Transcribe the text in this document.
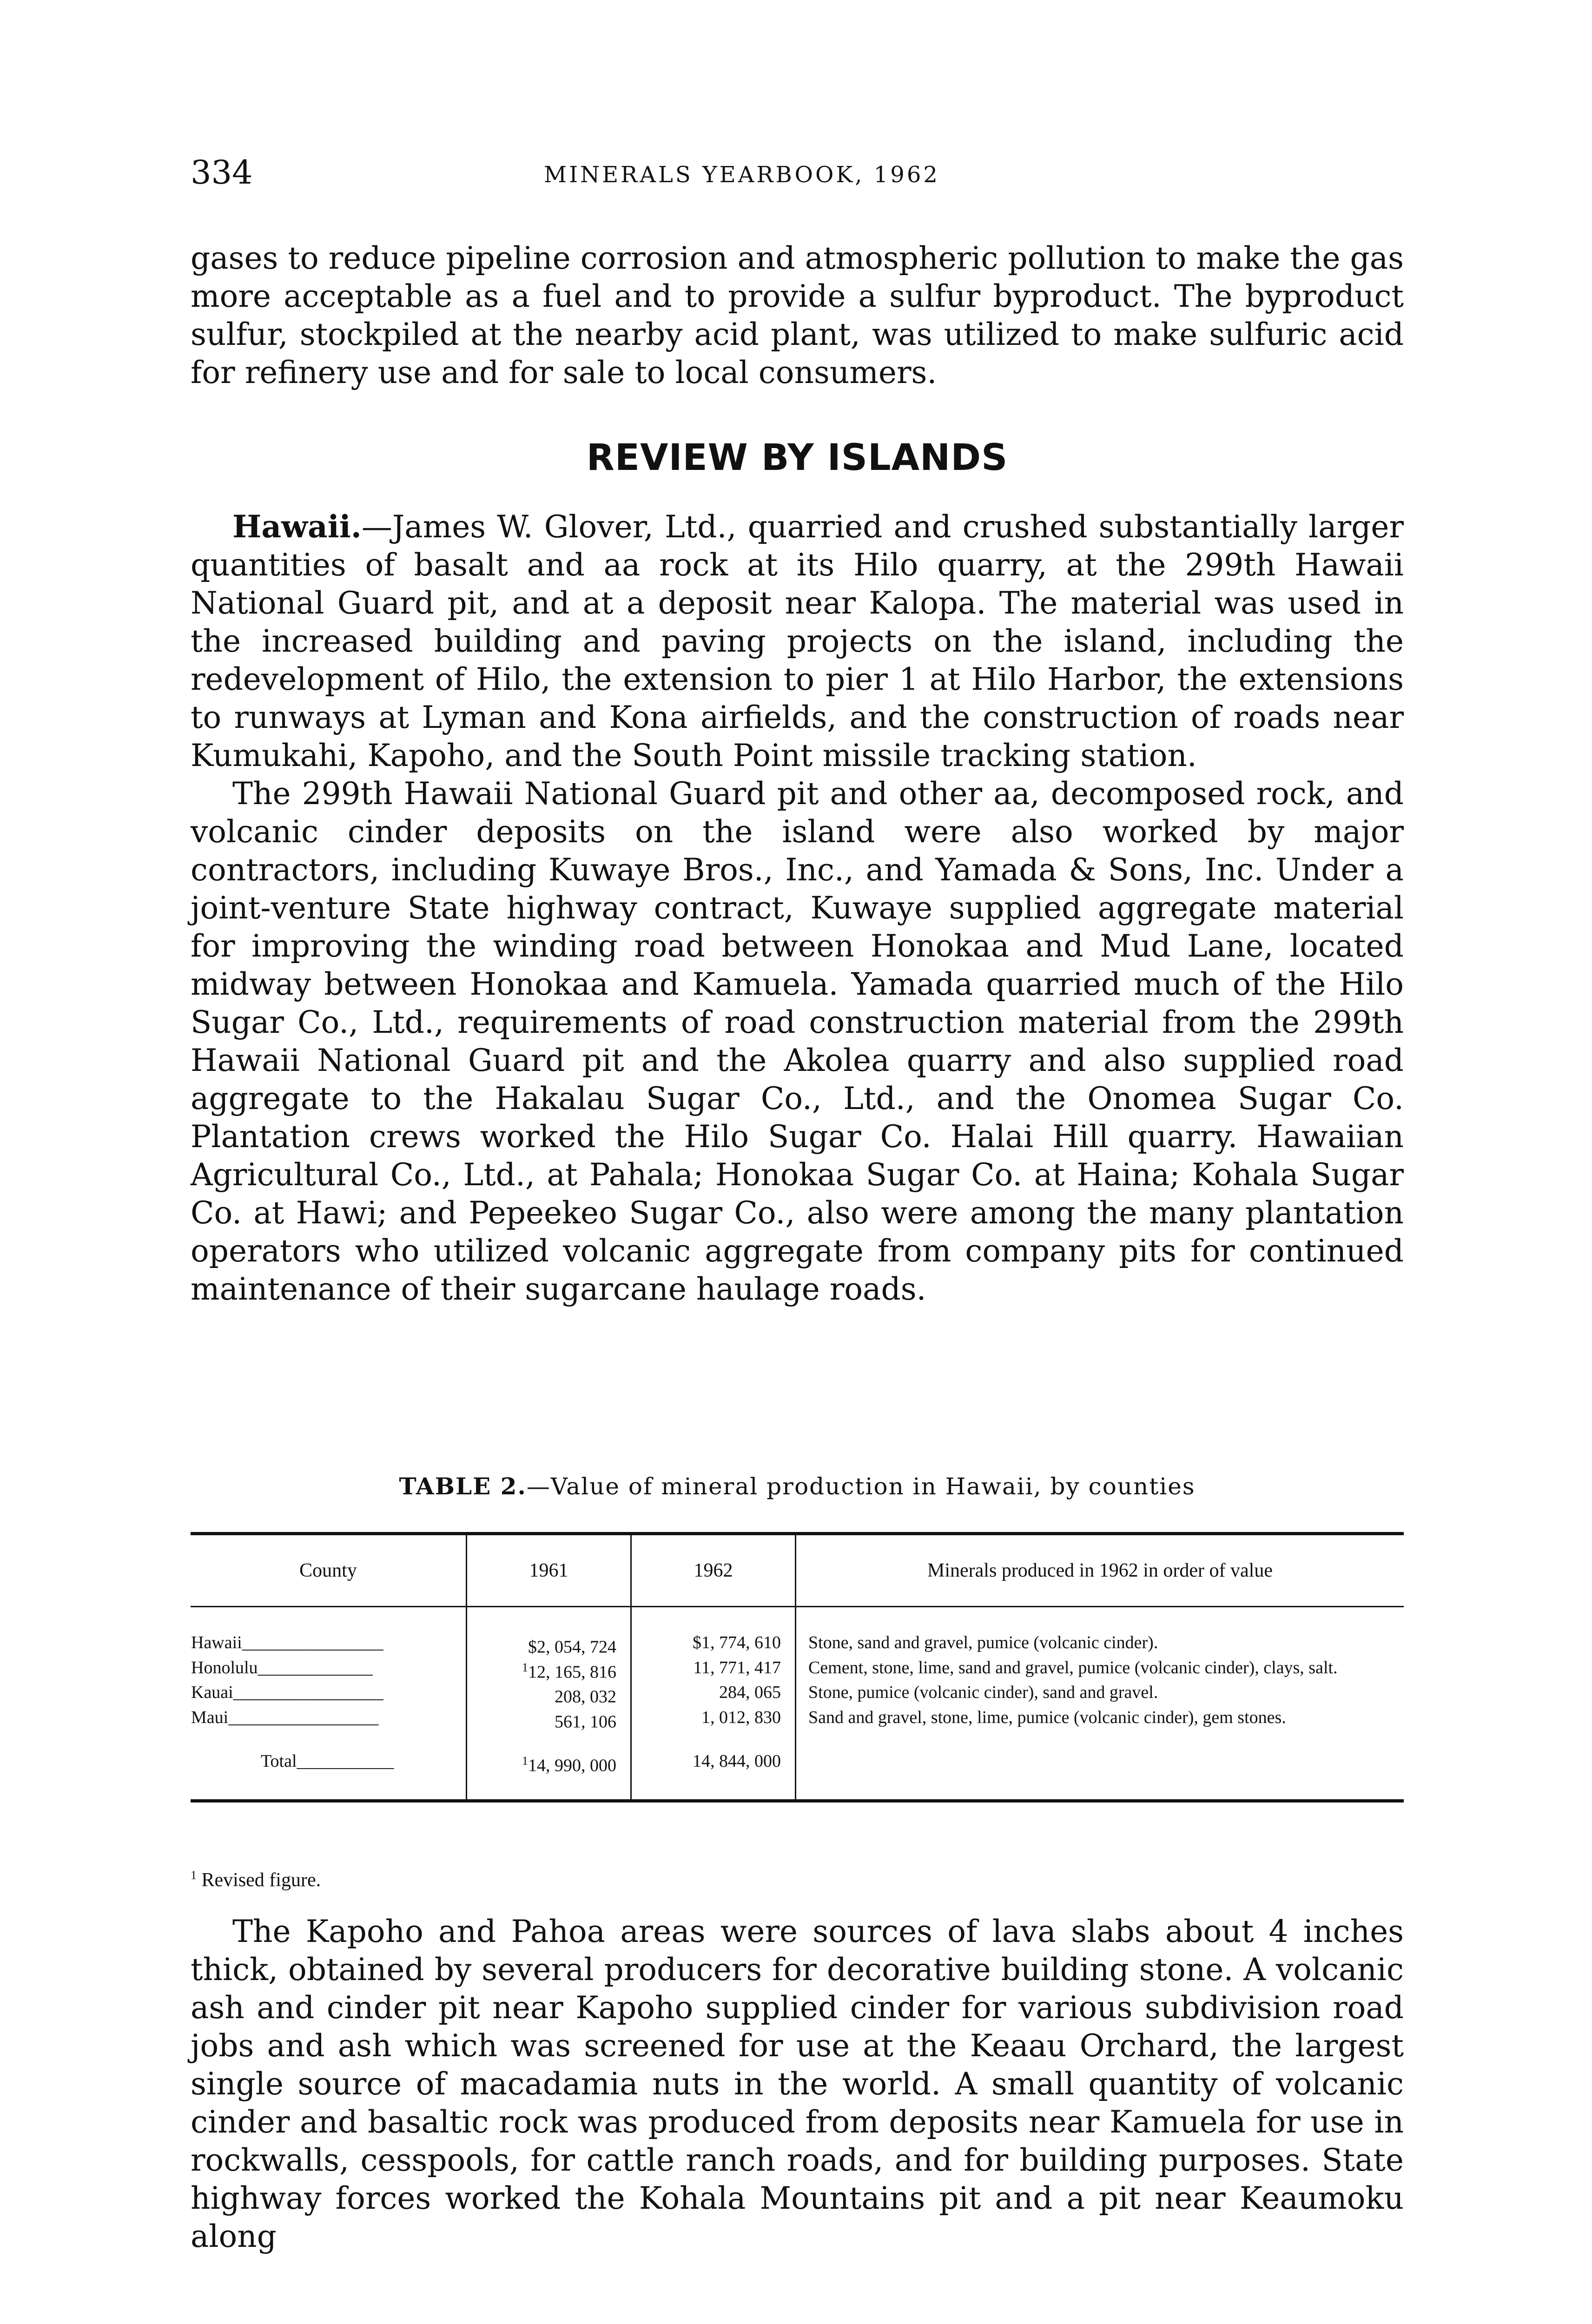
334	MINERALS YEARBOOK, 1962

gases to reduce pipeline corrosion and atmospheric pollution to make the gas more acceptable as a fuel and to provide a sulfur byproduct. The byproduct sulfur, stockpiled at the nearby acid plant, was utilized to make sulfuric acid for refinery use and for sale to local consumers.

REVIEW BY ISLANDS

Hawaii.—James W. Glover, Ltd., quarried and crushed substantially larger quantities of basalt and aa rock at its Hilo quarry, at the 299th Hawaii National Guard pit, and at a deposit near Kalopa. The material was used in the increased building and paving projects on the island, including the redevelopment of Hilo, the extension to pier 1 at Hilo Harbor, the extensions to runways at Lyman and Kona airfields, and the construction of roads near Kumukahi, Kapoho, and the South Point missile tracking station.

The 299th Hawaii National Guard pit and other aa, decomposed rock, and volcanic cinder deposits on the island were also worked by major contractors, including Kuwaye Bros., Inc., and Yamada & Sons, Inc. Under a joint-venture State highway contract, Kuwaye supplied aggregate material for improving the winding road between Honokaa and Mud Lane, located midway between Honokaa and Kamuela. Yamada quarried much of the Hilo Sugar Co., Ltd., requirements of road construction material from the 299th Hawaii National Guard pit and the Akolea quarry and also supplied road aggregate to the Hakalau Sugar Co., Ltd., and the Onomea Sugar Co. Plantation crews worked the Hilo Sugar Co. Halai Hill quarry. Hawaiian Agricultural Co., Ltd., at Pahala; Honokaa Sugar Co. at Haina; Kohala Sugar Co. at Hawi; and Pepeekeo Sugar Co., also were among the many plantation operators who utilized volcanic aggregate from company pits for continued maintenance of their sugarcane haulage roads.

TABLE 2.—Value of mineral production in Hawaii, by counties
County	1961	1962	Minerals produced in 1962 in order of value
Hawaii________________	$2, 054, 724	$1, 774, 610	Stone, sand and gravel, pumice (volcanic cinder).
Honolulu_____________	$^1$12, 165, 816	11, 771, 417	Cement, stone, lime, sand and gravel, pumice (volcanic cinder), clays, salt.
Kauai_________________	208, 032	284, 065	Stone, pumice (volcanic cinder), sand and gravel.
Maui_________________	561, 106	1, 012, 830	Sand and gravel, stone, lime, pumice (volcanic cinder), gem stones.
Total___________	$^1$14, 990, 000	14, 844, 000	
$^1$ Revised figure.

The Kapoho and Pahoa areas were sources of lava slabs about 4 inches thick, obtained by several producers for decorative building stone. A volcanic ash and cinder pit near Kapoho supplied cinder for various subdivision road jobs and ash which was screened for use at the Keaau Orchard, the largest single source of macadamia nuts in the world. A small quantity of volcanic cinder and basaltic rock was produced from deposits near Kamuela for use in rockwalls, cesspools, for cattle ranch roads, and for building purposes. State highway forces worked the Kohala Mountains pit and a pit near Keaumoku along
